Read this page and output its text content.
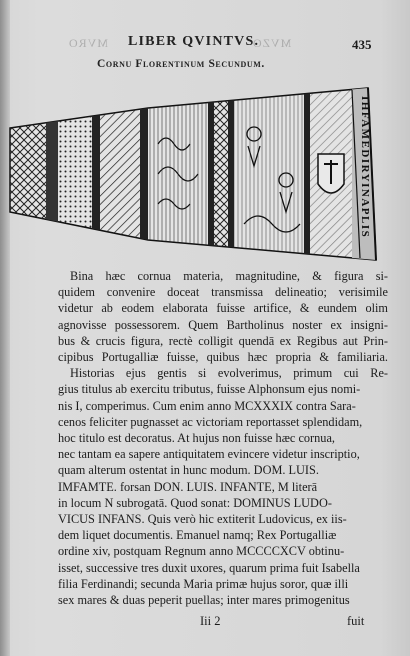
MVRO	MVZO
LIBER QVINTVS.	435
Cornu Florentinum Secundum.
IHFAMEDIRYINAPLIS

Bina hæc cornua materia, magnitudine, & figura si-

quidem convenire doceat transmissa delineatio; verisimile
videtur ab eodem elaborata fuisse artifice, & eundem olim
agnovisse possessorem. Quem Bartholinus noster ex insigni-
bus & crucis figura, rectè colligit quendā ex Regibus aut Prin-
cipibus Portugalliæ fuisse, quibus hæc propria & familiaria.

Historias ejus gentis si evolverimus, primum cui Re-

gius titulus ab exercitu tributus, fuisse Alphonsum ejus nomi-
nis I, comperimus. Cum enim anno MCXXXIX contra Sara-
cenos feliciter pugnasset ac victoriam reportasset splendidam,
hoc titulo est decoratus. At hujus non fuisse hæc cornua,
nec tantam ea sapere antiquitatem evincere videtur inscriptio,
quam alterum ostentat in hunc modum. DOM. LUIS.
IMFAMTE. forsan DON. LUIS. INFANTE, M literā
in locum N subrogatā. Quod sonat: DOMINUS LUDO-
VICUS INFANS. Quis verò hic extiterit Ludovicus, ex iis-
dem liquet documentis. Emanuel namq; Rex Portugalliæ
ordine xiv, postquam Regnum anno MCCCCXCV obtinu-
isset, successive tres duxit uxores, quarum prima fuit Isabella
filia Ferdinandi; secunda Maria primæ hujus soror, quæ illi
sex mares & duas peperit puellas; inter mares primogenitus

Iii 2	fuit
